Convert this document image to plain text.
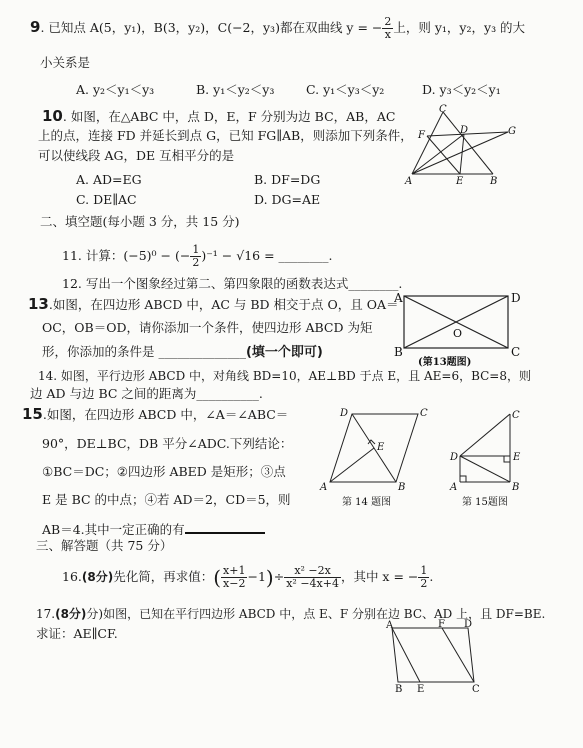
9. 已知点 A(5，y₁)，B(3，y₂)，C(−2，y₃)都在双曲线 y = − $\frac{2}{x}$ 上，则 y₁，y₂，y₃ 的大
小关系是
A. y₂＜y₁＜y₃	B. y₁＜y₂＜y₃	C. y₁＜y₃＜y₂	D. y₃＜y₂＜y₁
10. 如图，在△ABC 中，点 D，E，F 分别为边 BC，AB，AC
上的点，连接 FD 并延长到点 G，已知 FG∥AB，则添加下列条件，
可以使线段 AG，DE 互相平分的是
A. AD=EG	B. DF=DG
C. DE∥AC	D. DG=AE
C
F	D	G
A	E	B
二、填空题(每小题 3 分，共 15 分)
11. 计算：(−5)⁰ − (− $\frac{1}{2} )^{-1} - √16$ = ________.
12. 写出一个图象经过第二、第四象限的函数表达式________.
13.如图，在四边形 ABCD 中，AC 与 BD 相交于点 O，且 OA＝
OC，OB＝OD，请你添加一个条件，使四边形 ABCD 为矩
形，你添加的条件是 ______________(填一个即可)
A	D
O
B	C
(第13题图)
14. 如图，平行边形 ABCD 中，对角线 BD=10，AE⊥BD 于点 E，且 AE=6，BC=8，则
边 AD 与边 BC 之间的距离为__________.
15.如图，在四边形 ABCD 中，∠A＝∠ABC＝
90°，DE⊥BC，DB 平分∠ADC.下列结论：
①BC＝DC；②四边形 ABED 是矩形；③点
E 是 BC 的中点；④若 AD＝2，CD＝5，则
AB＝4.其中一定正确的有
D	C
E
A	B
第 14 题图
C
D	E
A	B
第 15题图
三、解答题（共 75 分）
16.(8分)先化简，再求值：( $\frac{x+1}{x-2} -1)\div \frac{\text{x² −2x}}{\text{x² −4x+4}}$ ，其中 x = − $\frac{1}{2}$ .
17.(8分)分)如图，已知在平行四边形 ABCD 中，点 E、F 分别在边 BC、AD 上，且 DF=BE.
求证：AE∥CF.
A	F D
B E	C
